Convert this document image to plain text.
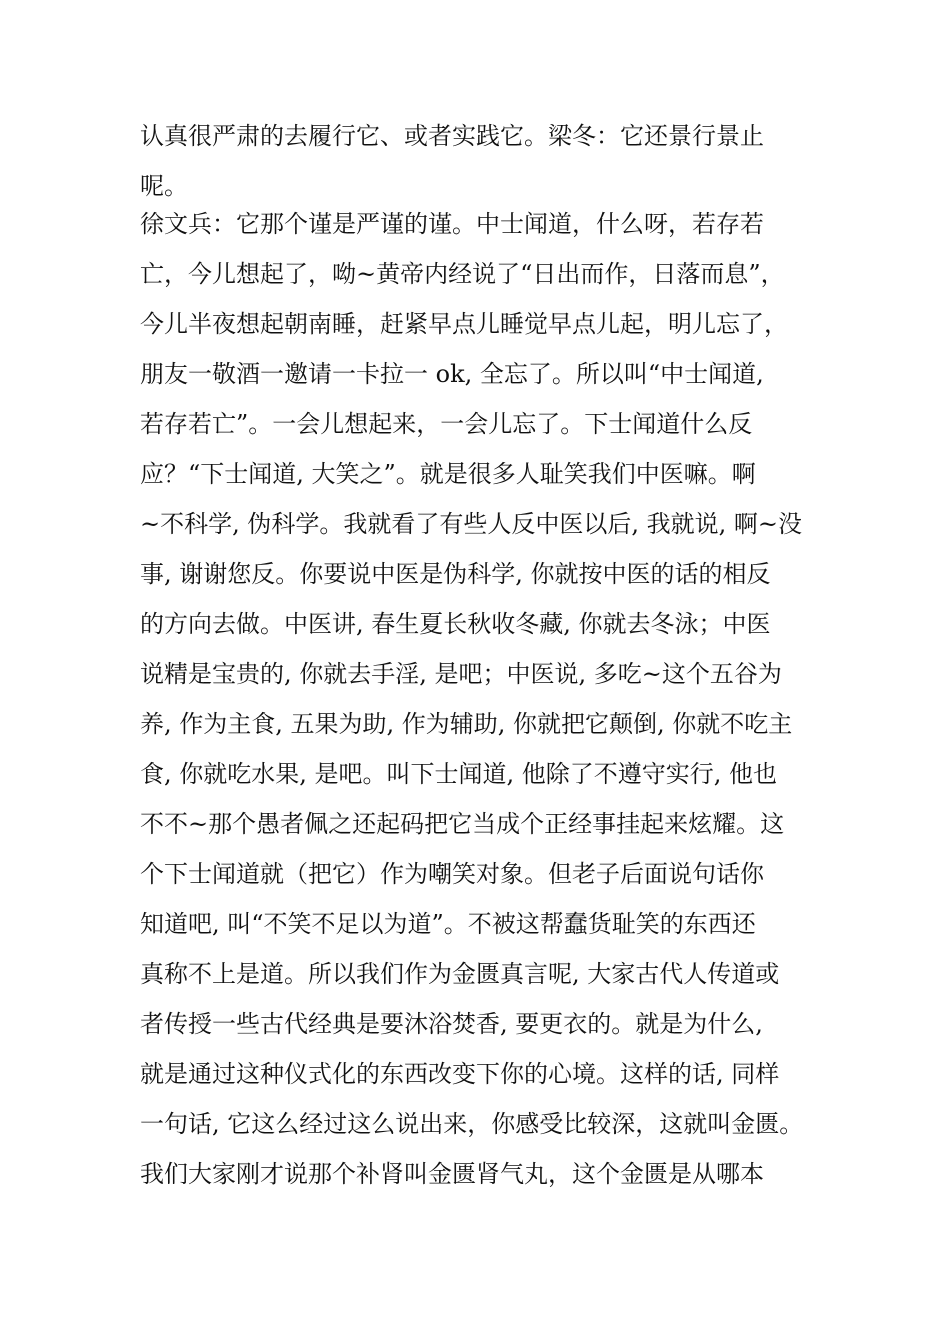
认真很严肃的去履行它、或者实践它。梁冬：它还景行景止
呢。
徐文兵：它那个谨是严谨的谨。中士闻道，什么呀，若存若
亡，今儿想起了，呦~黄帝内经说了“日出而作，日落而息”，
今儿半夜想起朝南睡，赶紧早点儿睡觉早点儿起，明儿忘了，
朋友一敬酒一邀请一卡拉一 ok, 全忘了。所以叫“中士闻道,
若存若亡”。一会儿想起来，一会儿忘了。下士闻道什么反
应？“下士闻道, 大笑之”。就是很多人耻笑我们中医嘛。啊
~不科学, 伪科学。我就看了有些人反中医以后, 我就说, 啊~没
事, 谢谢您反。你要说中医是伪科学, 你就按中医的话的相反
的方向去做。中医讲, 春生夏长秋收冬藏, 你就去冬泳；中医
说精是宝贵的, 你就去手淫, 是吧；中医说, 多吃~这个五谷为
养, 作为主食, 五果为助, 作为辅助, 你就把它颠倒, 你就不吃主
食, 你就吃水果, 是吧。叫下士闻道, 他除了不遵守实行, 他也
不不~那个愚者佩之还起码把它当成个正经事挂起来炫耀。这
个下士闻道就（把它）作为嘲笑对象。但老子后面说句话你
知道吧, 叫“不笑不足以为道”。不被这帮蠢货耻笑的东西还
真称不上是道。所以我们作为金匮真言呢, 大家古代人传道或
者传授一些古代经典是要沐浴焚香, 要更衣的。就是为什么,
就是通过这种仪式化的东西改变下你的心境。这样的话, 同样
一句话, 它这么经过这么说出来，你感受比较深，这就叫金匮。
我们大家刚才说那个补肾叫金匮肾气丸，这个金匮是从哪本
